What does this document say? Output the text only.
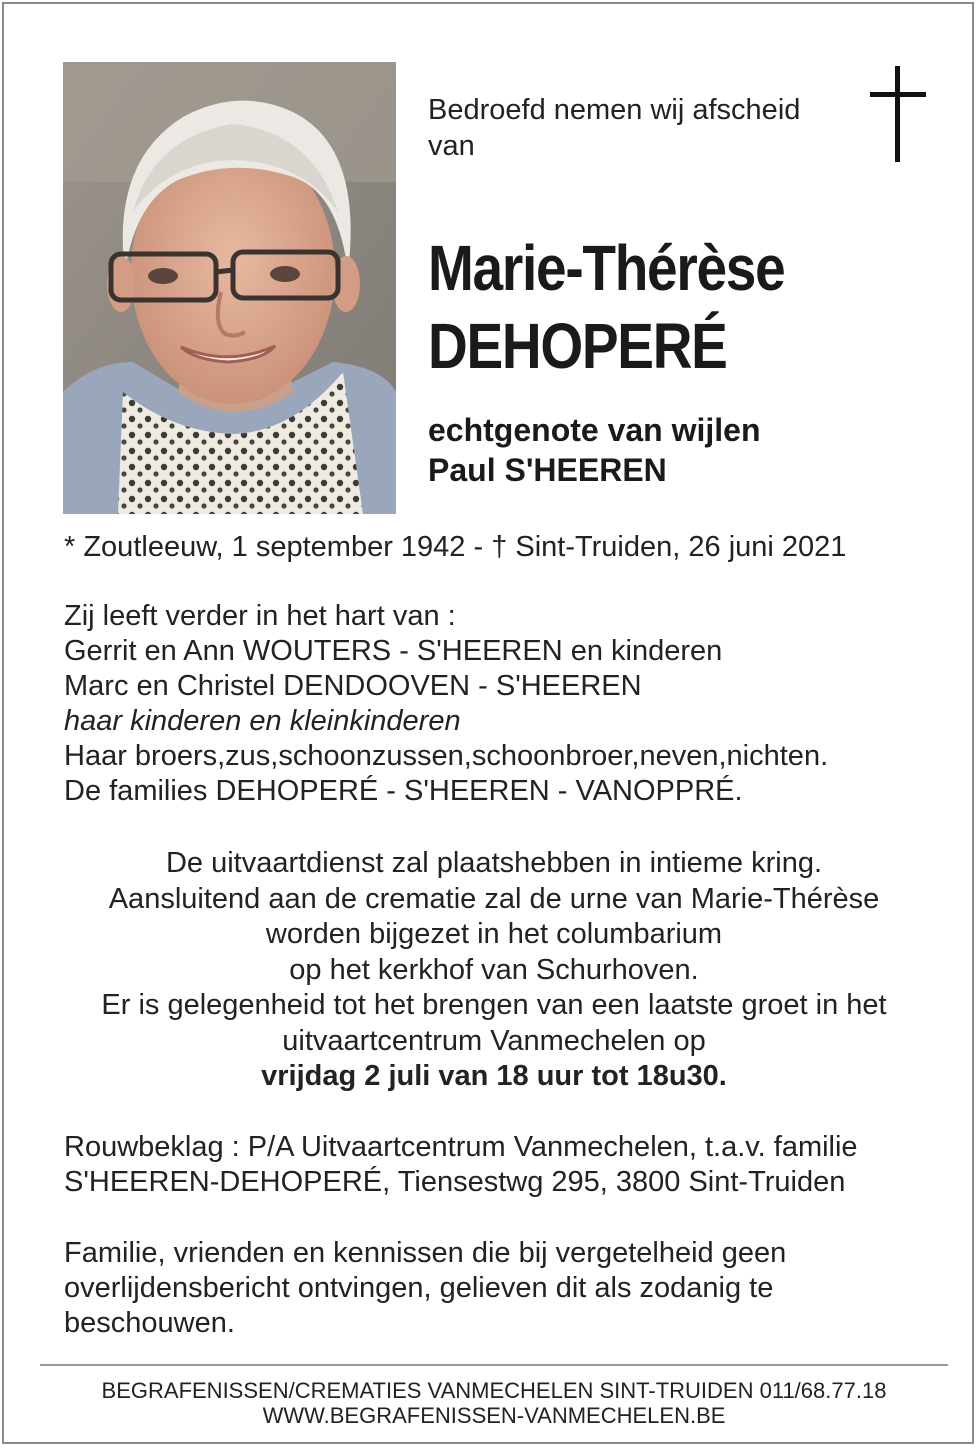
Bedroefd nemen wij afscheid
van
Marie-Thérèse
DEHOPERÉ
echtgenote van wijlen
Paul S'HEEREN
* Zoutleeuw, 1 september 1942 - † Sint-Truiden, 26 juni 2021
Zij leeft verder in het hart van :
Gerrit en Ann WOUTERS - S'HEEREN en kinderen
Marc en Christel DENDOOVEN - S'HEEREN
haar kinderen en kleinkinderen
Haar broers,zus,schoonzussen,schoonbroer,neven,nichten.
De families DEHOPERÉ - S'HEEREN - VANOPPRÉ.
De uitvaartdienst zal plaatshebben in intieme kring.
Aansluitend aan de crematie zal de urne van Marie-Thérèse
worden bijgezet in het columbarium
op het kerkhof van Schurhoven.
Er is gelegenheid tot het brengen van een laatste groet in het
uitvaartcentrum Vanmechelen op
vrijdag 2 juli van 18 uur tot 18u30.
Rouwbeklag : P/A Uitvaartcentrum Vanmechelen, t.a.v. familie
S'HEEREN-DEHOPERÉ, Tiensestwg 295, 3800 Sint-Truiden
Familie, vrienden en kennissen die bij vergetelheid geen
overlijdensbericht ontvingen, gelieven dit als zodanig te
beschouwen.
BEGRAFENISSEN/CREMATIES VANMECHELEN SINT-TRUIDEN 011/68.77.18
WWW.BEGRAFENISSEN-VANMECHELEN.BE
